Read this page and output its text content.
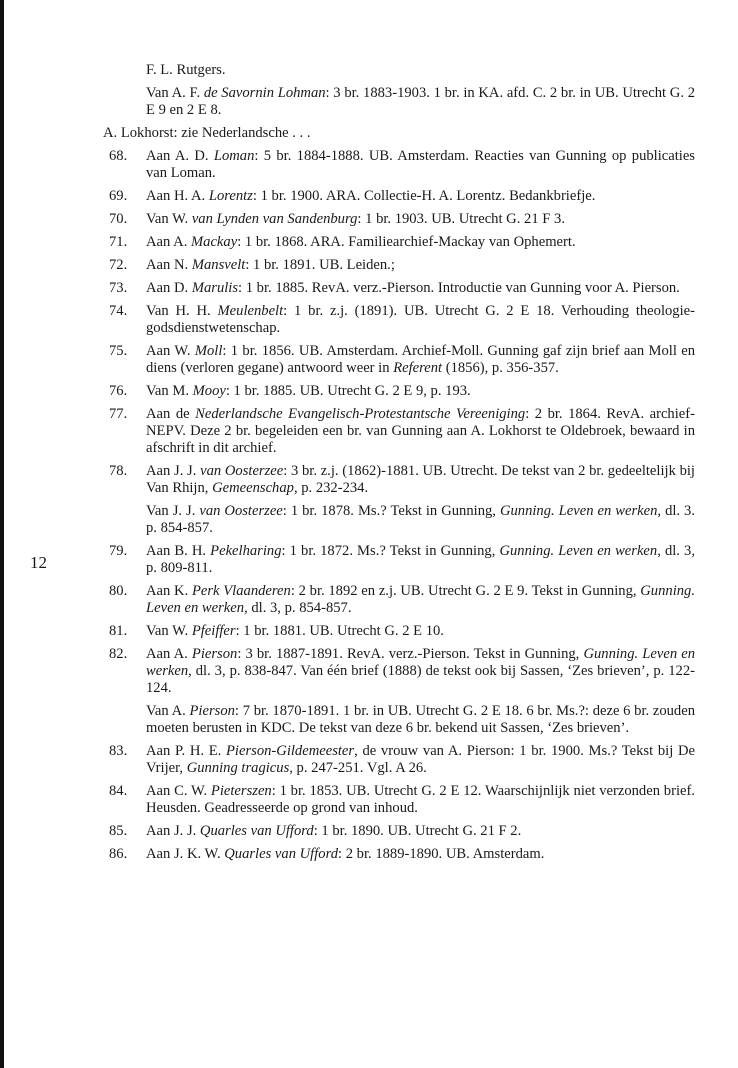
12
F. L. Rutgers.
Van A. F. de Savornin Lohman: 3 br. 1883-1903. 1 br. in KA. afd. C. 2 br. in UB. Utrecht G. 2 E 9 en 2 E 8.
A. Lokhorst: zie Nederlandsche . . .
68. Aan A. D. Loman: 5 br. 1884-1888. UB. Amsterdam. Reacties van Gunning op publicaties van Loman.
69. Aan H. A. Lorentz: 1 br. 1900. ARA. Collectie-H. A. Lorentz. Bedankbriefje.
70. Van W. van Lynden van Sandenburg: 1 br. 1903. UB. Utrecht G. 21 F 3.
71. Aan A. Mackay: 1 br. 1868. ARA. Familiearchief-Mackay van Ophemert.
72. Aan N. Mansvelt: 1 br. 1891. UB. Leiden.;
73. Aan D. Marulis: 1 br. 1885. RevA. verz.-Pierson. Introductie van Gunning voor A. Pierson.
74. Van H. H. Meulenbelt: 1 br. z.j. (1891). UB. Utrecht G. 2 E 18. Verhouding theologie-godsdienstwetenschap.
75. Aan W. Moll: 1 br. 1856. UB. Amsterdam. Archief-Moll. Gunning gaf zijn brief aan Moll en diens (verloren gegane) antwoord weer in Referent (1856), p. 356-357.
76. Van M. Mooy: 1 br. 1885. UB. Utrecht G. 2 E 9, p. 193.
77. Aan de Nederlandsche Evangelisch-Protestantsche Vereeniging: 2 br. 1864. RevA. archief-NEPV. Deze 2 br. begeleiden een br. van Gunning aan A. Lokhorst te Oldebroek, bewaard in afschrift in dit archief.
78. Aan J. J. van Oosterzee: 3 br. z.j. (1862)-1881. UB. Utrecht. De tekst van 2 br. gedeeltelijk bij Van Rhijn, Gemeenschap, p. 232-234.
Van J. J. van Oosterzee: 1 br. 1878. Ms.? Tekst in Gunning, Gunning. Leven en werken, dl. 3. p. 854-857.
79. Aan B. H. Pekelharing: 1 br. 1872. Ms.? Tekst in Gunning, Gunning. Leven en werken, dl. 3, p. 809-811.
80. Aan K. Perk Vlaanderen: 2 br. 1892 en z.j. UB. Utrecht G. 2 E 9. Tekst in Gunning, Gunning. Leven en werken, dl. 3, p. 854-857.
81. Van W. Pfeiffer: 1 br. 1881. UB. Utrecht G. 2 E 10.
82. Aan A. Pierson: 3 br. 1887-1891. RevA. verz.-Pierson. Tekst in Gunning, Gunning. Leven en werken, dl. 3, p. 838-847. Van één brief (1888) de tekst ook bij Sassen, ‘Zes brieven’, p. 122-124.
Van A. Pierson: 7 br. 1870-1891. 1 br. in UB. Utrecht G. 2 E 18. 6 br. Ms.?: deze 6 br. zouden moeten berusten in KDC. De tekst van deze 6 br. bekend uit Sassen, ‘Zes brieven’.
83. Aan P. H. E. Pierson-Gildemeester, de vrouw van A. Pierson: 1 br. 1900. Ms.? Tekst bij De Vrijer, Gunning tragicus, p. 247-251. Vgl. A 26.
84. Aan C. W. Pieterszen: 1 br. 1853. UB. Utrecht G. 2 E 12. Waarschijnlijk niet verzonden brief. Heusden. Geadresseerde op grond van inhoud.
85. Aan J. J. Quarles van Ufford: 1 br. 1890. UB. Utrecht G. 21 F 2.
86. Aan J. K. W. Quarles van Ufford: 2 br. 1889-1890. UB. Amsterdam.
